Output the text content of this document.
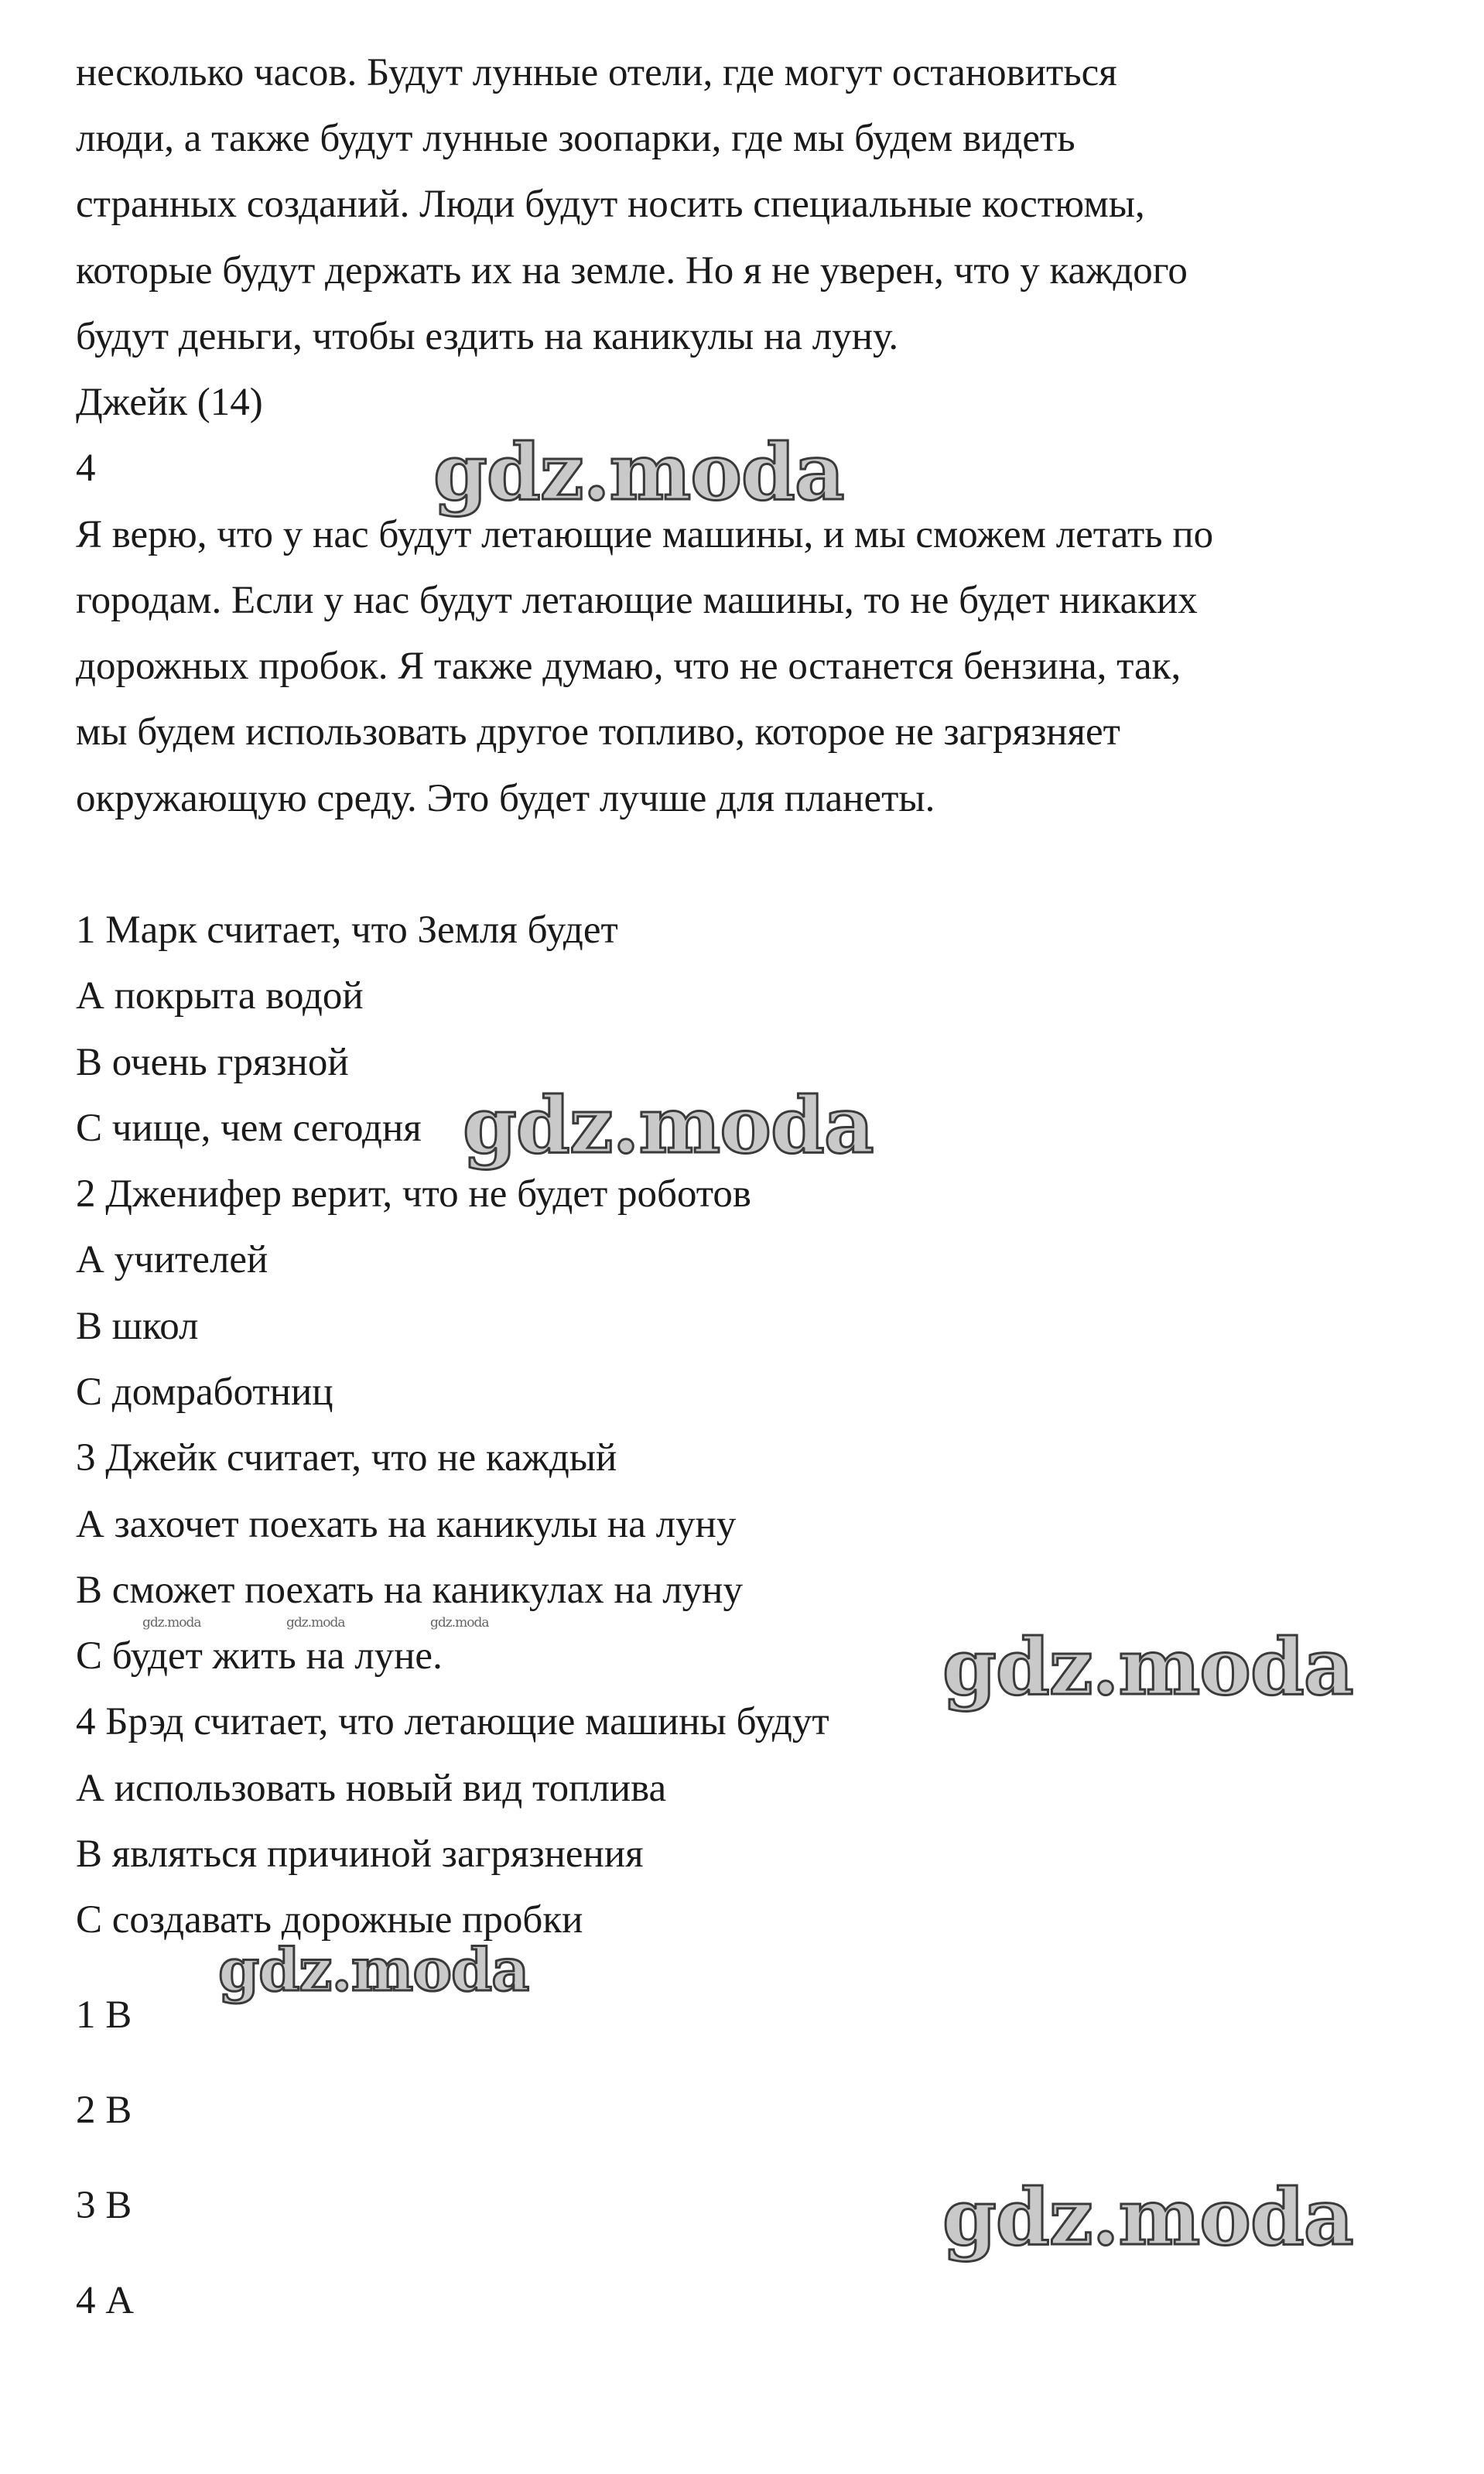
несколько часов. Будут лунные отели, где могут остановиться

люди, а также будут лунные зоопарки, где мы будем видеть

странных созданий. Люди будут носить специальные костюмы,

которые будут держать их на земле. Но я не уверен, что у каждого

будут деньги, чтобы ездить на каникулы на луну.

Джейк (14)

4

Я верю, что у нас будут летающие машины, и мы сможем летать по

городам. Если у нас будут летающие машины, то не будет никаких

дорожных пробок. Я также думаю, что не останется бензина, так,

мы будем использовать другое топливо, которое не загрязняет

окружающую среду. Это будет лучше для планеты.

1 Марк считает, что Земля будет

А покрыта водой

В очень грязной

С чище, чем сегодня

2 Дженифер верит, что не будет роботов

А учителей

В школ

С домработниц

3 Джейк считает, что не каждый

А захочет поехать на каникулы на луну

В сможет поехать на каникулах на луну

С будет жить на луне.

4 Брэд считает, что летающие машины будут

А использовать новый вид топлива

В являться причиной загрязнения

С создавать дорожные пробки

1 В

2 В

3 В

4 А

gdz.moda
gdz.moda
gdz.moda
gdz.moda
gdz.moda
gdz.moda	gdz.moda	gdz.moda
